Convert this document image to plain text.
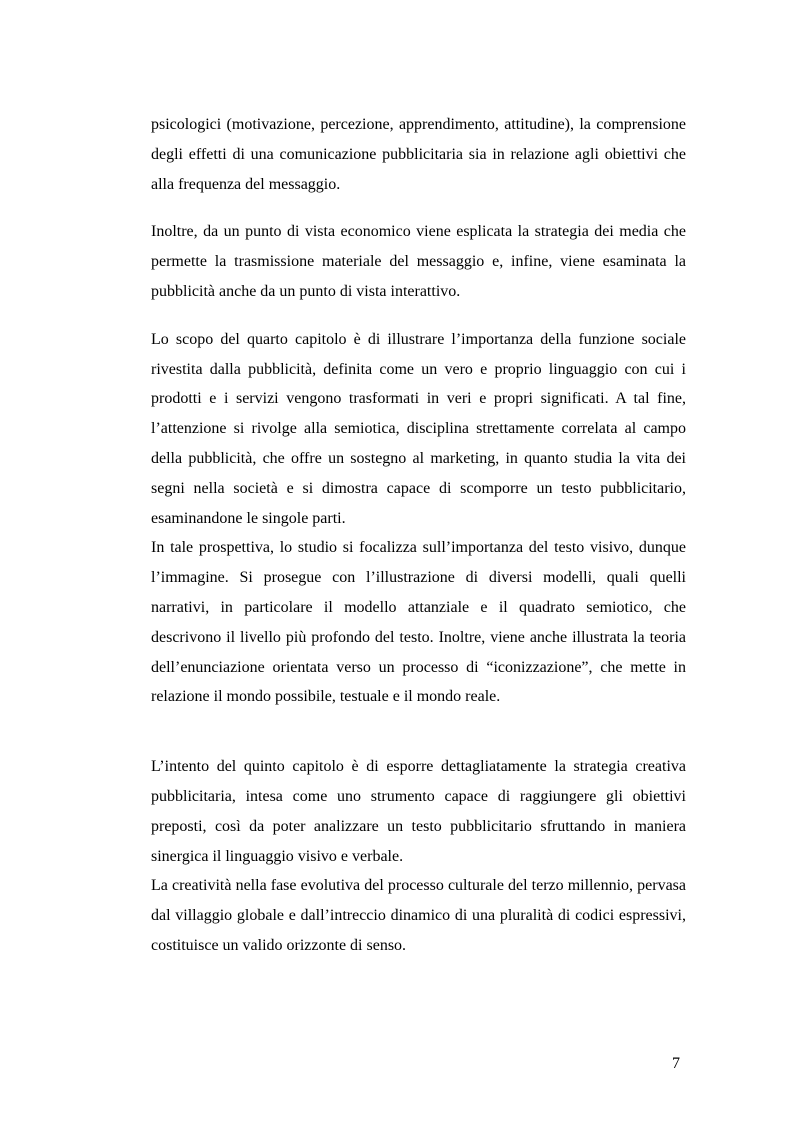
psicologici (motivazione, percezione, apprendimento, attitudine), la comprensione degli effetti di una comunicazione pubblicitaria sia in relazione agli obiettivi che alla frequenza del messaggio.

Inoltre, da un punto di vista economico viene esplicata la strategia dei media che permette la trasmissione materiale del messaggio e, infine, viene esaminata la pubblicità anche da un punto di vista interattivo.

Lo scopo del quarto capitolo è di illustrare l’importanza della funzione sociale rivestita dalla pubblicità, definita come un vero e proprio linguaggio con cui i prodotti e i servizi vengono trasformati in veri e propri significati. A tal fine, l’attenzione si rivolge alla semiotica, disciplina strettamente correlata al campo della pubblicità, che offre un sostegno al marketing, in quanto studia la vita dei segni nella società e si dimostra capace di scomporre un testo pubblicitario, esaminandone le singole parti.

In tale prospettiva, lo studio si focalizza sull’importanza del testo visivo, dunque l’immagine. Si prosegue con l’illustrazione di diversi modelli, quali quelli narrativi, in particolare il modello attanziale e il quadrato semiotico, che descrivono il livello più profondo del testo. Inoltre, viene anche illustrata la teoria dell’enunciazione orientata verso un processo di “iconizzazione”, che mette in relazione il mondo possibile, testuale e il mondo reale.

L’intento del quinto capitolo è di esporre dettagliatamente la strategia creativa pubblicitaria, intesa come uno strumento capace di raggiungere gli obiettivi preposti, così da poter analizzare un testo pubblicitario sfruttando in maniera sinergica il linguaggio visivo e verbale.

La creatività nella fase evolutiva del processo culturale del terzo millennio, pervasa dal villaggio globale e dall’intreccio dinamico di una pluralità di codici espressivi, costituisce un valido orizzonte di senso.

7
